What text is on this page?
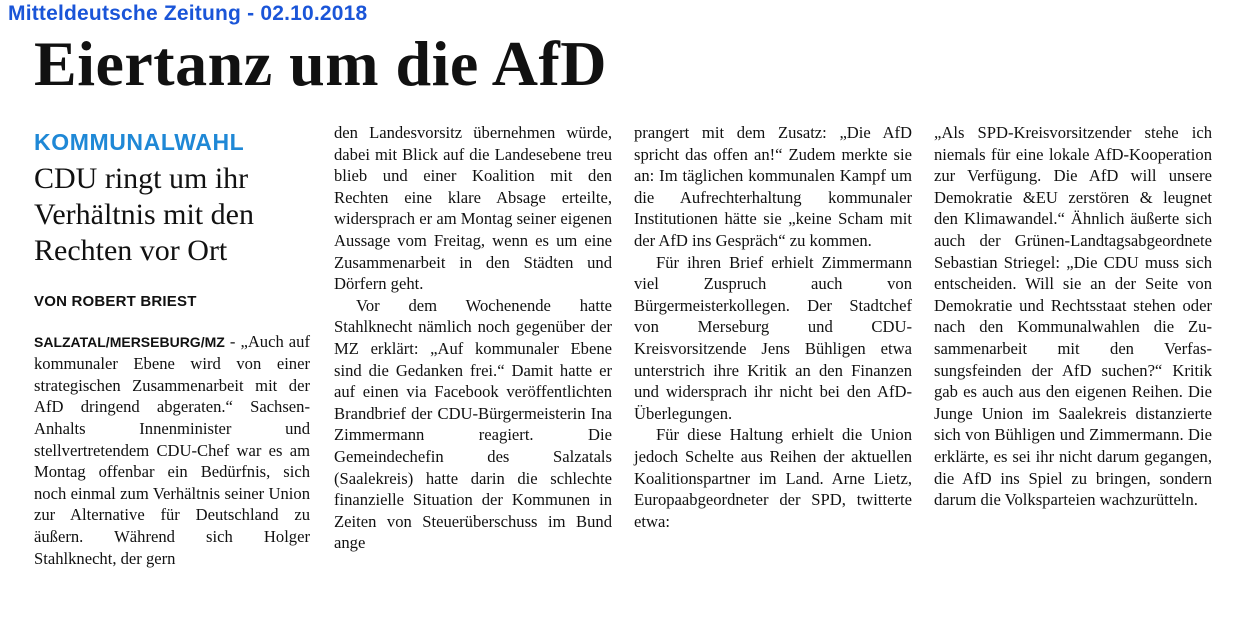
Mitteldeutsche Zeitung - 02.10.2018
Eiertanz um die AfD
KOMMUNALWAHL
CDU ringt um ihr Verhältnis mit den Rechten vor Ort
VON ROBERT BRIEST

SALZATAL/MERSEBURG/MZ - „Auch auf kommunaler Ebene wird von einer strategischen Zusammenarbeit mit der AfD dringend abgeraten.“ Sachsen-Anhalts Innenminister und stellvertretendem CDU-Chef war es am Montag offenbar ein Bedürfnis, sich noch einmal zum Verhältnis seiner Union zur Alternative für Deutschland zu äußern. Während sich Holger Stahlknecht, der gern

den Landesvorsitz übernehmen würde, dabei mit Blick auf die Landesebene treu blieb und einer Koalition mit den Rechten eine klare Absage erteilte, widersprach er am Montag seiner eigenen Aussage vom Freitag, wenn es um eine Zusammenarbeit in den Städten und Dörfern geht.

Vor dem Wochenende hatte Stahlknecht nämlich noch gegenüber der MZ erklärt: „Auf kommunaler Ebene sind die Gedanken frei.“ Damit hatte er auf einen via Facebook veröffentlichten Brandbrief der CDU-Bürgermeisterin Ina Zimmermann reagiert. Die Gemeindechefin des Salzatals (Saalekreis) hatte darin die schlechte finanzielle Situation der Kommunen in Zeiten von Steuerüberschuss im Bund ange

prangert mit dem Zusatz: „Die AfD spricht das offen an!“ Zudem merkte sie an: Im täglichen kommunalen Kampf um die Aufrechterhaltung kommunaler Institutionen hätte sie „keine Scham mit der AfD ins Gespräch“ zu kommen.

Für ihren Brief erhielt Zimmermann viel Zuspruch auch von Bürgermeisterkollegen. Der Stadtchef von Merseburg und CDU-Kreisvorsitzende Jens Bühligen etwa unterstrich ihre Kritik an den Finanzen und widersprach ihr nicht bei den AfD-Überlegungen.

Für diese Haltung erhielt die Union jedoch Schelte aus Reihen der aktuellen Koalitionspartner im Land. Arne Lietz, Europaabgeordneter der SPD, twitterte etwa:

„Als SPD-Kreisvorsitzender stehe ich niemals für eine lokale AfD-Kooperation zur Verfügung. Die AfD will unsere Demokratie &EU zerstören & leugnet den Klimawandel.“ Ähnlich äußerte sich auch der Grünen-Landtagsabgeordnete Sebastian Striegel: „Die CDU muss sich entscheiden. Will sie an der Seite von Demokratie und Rechtsstaat stehen oder nach den Kommunalwahlen die Zusammenarbeit mit den Verfassungsfeinden der AfD suchen?“ Kritik gab es auch aus den eigenen Reihen. Die Junge Union im Saalekreis distanzierte sich von Bühligen und Zimmermann. Die erklärte, es sei ihr nicht darum gegangen, die AfD ins Spiel zu bringen, sondern darum die Volksparteien wachzurütteln.
